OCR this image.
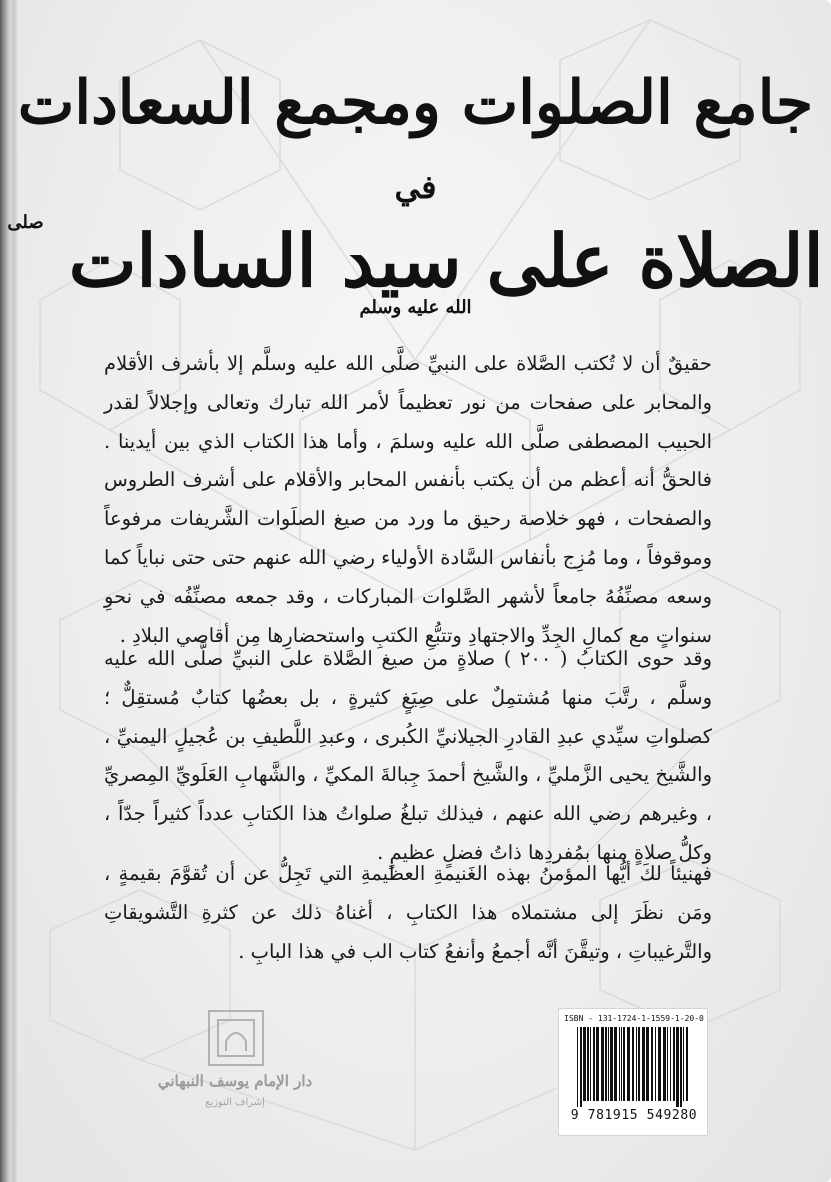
جامع الصلوات ومجمع السعادات
في
الصلاة على سيد السادات $^{صلى الله عليه وسلم}$
حقيقٌ أن لا تُكتب الصَّلاة على النبيِّ صلَّى الله عليه وسلَّم إلا بأشرف الأقلام والمحابر على صفحات من نور تعظيماً لأمر الله تبارك وتعالى وإجلالاً لقدر الحبيب المصطفى صلَّى الله عليه وسلمَ ، وأما هذا الكتاب الذي بين أيدينا . فالحقُّ أنه أعظم من أن يكتب بأنفس المحابر والأقلام على أشرف الطروس والصفحات ، فهو خلاصة رحيق ما ورد من صيغ الصلَوات الشَّريفات مرفوعاً وموقوفاً ، وما مُزِج بأنفاس السَّادة الأولياء رضي الله عنهم حتى حتى نباياً كما وسعه مصنِّفُهُ جامعاً لأشهر الصَّلوات المباركات ، وقد جمعه مصنِّفُه في نحوِ سنواتٍ مع كمالِ الجِدِّ والاجتهادِ وتتبُّعِ الكتبِ واستحضارِها مِن أقاصي البلادِ .
وقد حوى الكتابُ ( ٢٠٠ ) صلاةٍ من صيغ الصَّلاة على النبيِّ صلَّى الله عليه وسلَّم ، رتَّبَ منها مُشتمِلٌ على صِيَغٍ كثيرةٍ ، بل بعضُها كتابٌ مُستقِلٌّ ؛ كصلواتِ سيِّدي عبدِ القادرِ الجيلانيِّ الكُبرى ، وعبدِ اللَّطيفِ بن عُجيلٍ اليمنيِّ ، والشَّيخ يحيى الزَّمليِّ ، والشَّيخ أحمدَ جِبالةَ المكيِّ ، والشَّهابِ العَلَويِّ المِصريِّ ، وغيرهم رضي الله عنهم ، فيذلك تبلغُ صلواتُ هذا الكتابِ عدداً كثيراً جدّاً ، وكلُّ صلاةٍ منها بمُفردِها ذاتُ فضلٍ عظيمٍ .
فهنيئاً لكَ أيُّها المؤمنُ بهذه الغَنيمةِ العظيمةِ التي تَجِلُّ عن أن تُقوَّمَ بقيمةٍ ، ومَن نظَرَ إلى مشتملاه هذا الكتابِ ، أغناهُ ذلك عن كثرةِ التَّشويقاتِ والتَّرغيباتِ ، وتيقَّنَ أنَّه أجمعُ وأنفعُ كتاب الب في هذا البابِ .
دار الإمام يوسف النبهاني
إشراف التوزيع
ISBN - 131-1724-1-1559-1-20-0
9 781915 549280
